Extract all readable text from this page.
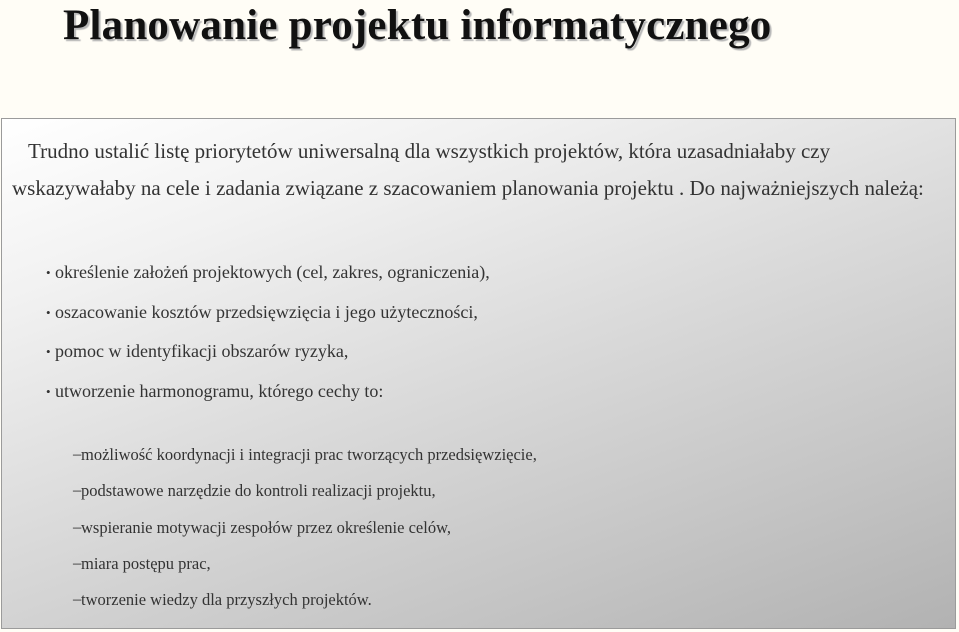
Planowanie projektu informatycznego

Trudno ustalić listę priorytetów uniwersalną dla wszystkich projektów, która uzasadniałaby czy wskazywałaby na cele i zadania związane z szacowaniem planowania projektu . Do najważniejszych należą:

• określenie założeń projektowych (cel, zakres, ograniczenia),
• oszacowanie kosztów przedsięwzięcia i jego użyteczności,
• pomoc w identyfikacji obszarów ryzyka,
• utworzenie harmonogramu, którego cechy to:
– możliwość koordynacji i integracji prac tworzących przedsięwzięcie,
– podstawowe narzędzie do kontroli realizacji projektu,
– wspieranie motywacji zespołów przez określenie celów,
– miara postępu prac,
– tworzenie wiedzy dla przyszłych projektów.
